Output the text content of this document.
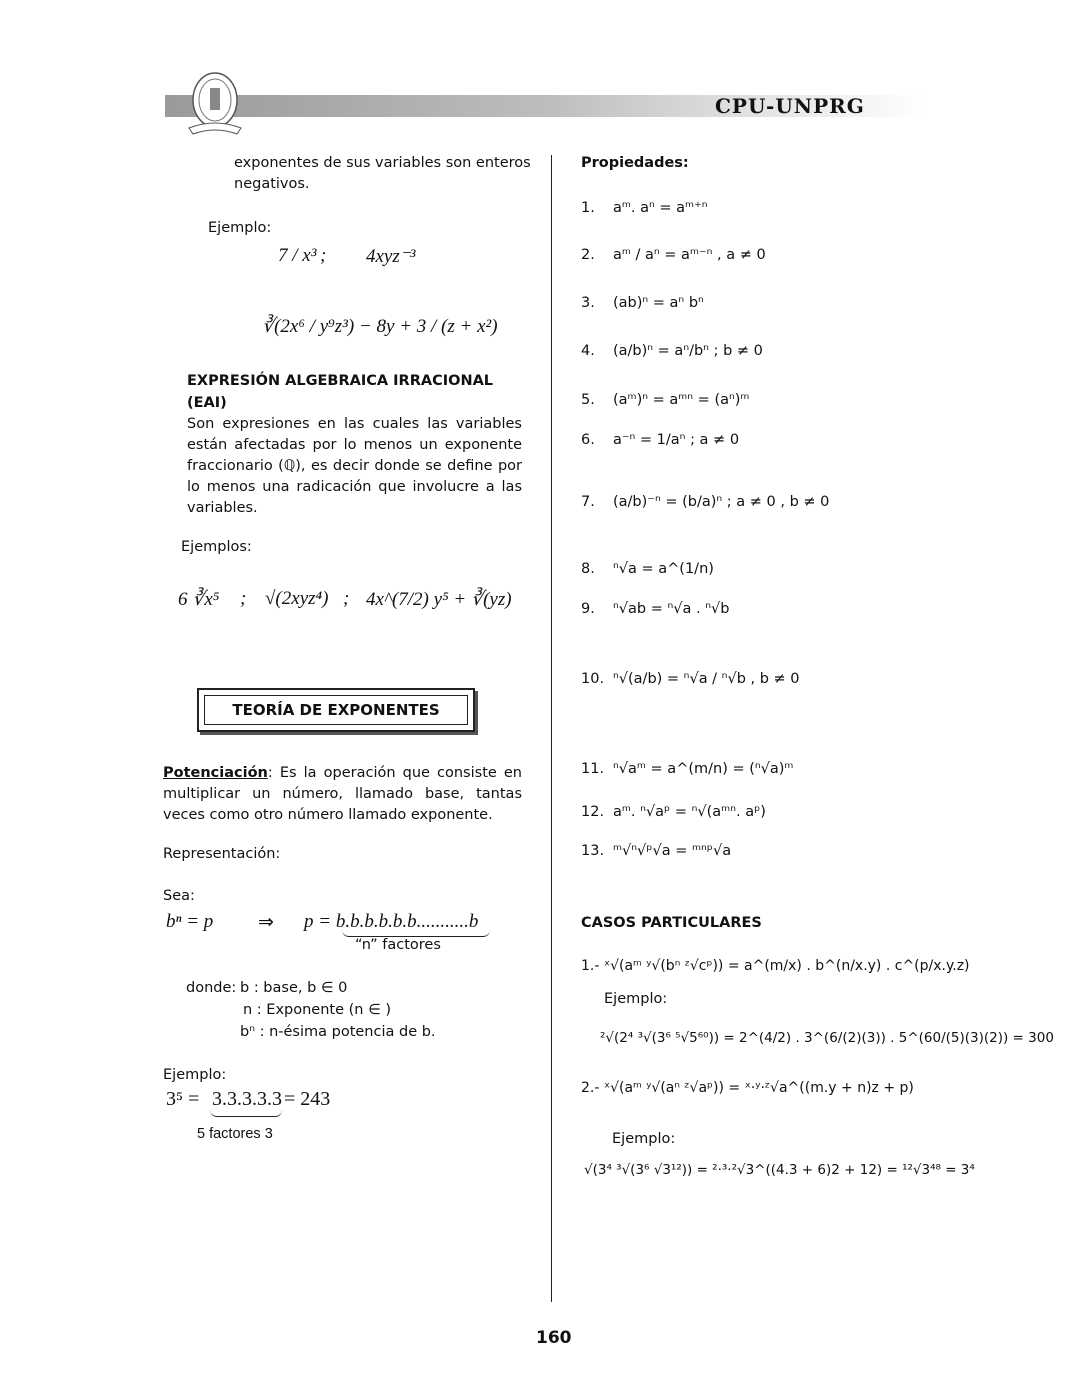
CPU-UNPRG
exponentes de sus variables son enteros
negativos.
Ejemplo:
7 / x³ ; 4xyz⁻³
∛(2x⁶ / y⁹z³) − 8y + 3 / (z + x²)
EXPRESIÓN ALGEBRAICA IRRACIONAL
(EAI)
Son expresiones en las cuales las variables están afectadas por lo menos un exponente fraccionario (ℚ), es decir donde se define por lo menos una radicación que involucre a las variables.
Ejemplos:
6 ∛x⁵ ; √(2xyz⁴) ; 4x^(7/2) y⁵ + ∛(yz)
TEORÍA DE EXPONENTES
Potenciación: Es la operación que consiste en multiplicar un número, llamado base, tantas veces como otro número llamado exponente.
Representación:
Sea:
bⁿ = p ⇒ p = b.b.b.b.b.b...........b
“n” factores
donde: b : base, b ∈ 0
n : Exponente (n ∈ )
bⁿ : n-ésima potencia de b.
Ejemplo:
3⁵ = 3.3.3.3.3 = 243
5 factores 3
Propiedades:
1. aᵐ. aⁿ = aᵐ⁺ⁿ
2. aᵐ / aⁿ = aᵐ⁻ⁿ , a ≠ 0
3. (ab)ⁿ = aⁿ bⁿ
4. (a/b)ⁿ = aⁿ/bⁿ ; b ≠ 0
5. (aᵐ)ⁿ = aᵐⁿ = (aⁿ)ᵐ
6. a⁻ⁿ = 1/aⁿ ; a ≠ 0
7. (a/b)⁻ⁿ = (b/a)ⁿ ; a ≠ 0 , b ≠ 0
8. ⁿ√a = a^(1/n)
9. ⁿ√ab = ⁿ√a . ⁿ√b
10. ⁿ√(a/b) = ⁿ√a / ⁿ√b , b ≠ 0
11. ⁿ√aᵐ = a^(m/n) = (ⁿ√a)ᵐ
12. aᵐ. ⁿ√aᵖ = ⁿ√(aᵐⁿ. aᵖ)
13. ᵐ√ⁿ√ᵖ√a = ᵐⁿᵖ√a
CASOS PARTICULARES
1.- ˣ√(aᵐ ʸ√(bⁿ ᶻ√cᵖ)) = a^(m/x) . b^(n/x.y) . c^(p/x.y.z)
Ejemplo:
²√(2⁴ ³√(3⁶ ⁵√5⁶⁰)) = 2^(4/2) . 3^(6/(2)(3)) . 5^(60/(5)(3)(2)) = 300
2.- ˣ√(aᵐ ʸ√(aⁿ ᶻ√aᵖ)) = ˣ·ʸ·ᶻ√a^((m.y + n)z + p)
Ejemplo:
√(3⁴ ³√(3⁶ √3¹²)) = ²·³·²√3^((4.3 + 6)2 + 12) = ¹²√3⁴⁸ = 3⁴
160
